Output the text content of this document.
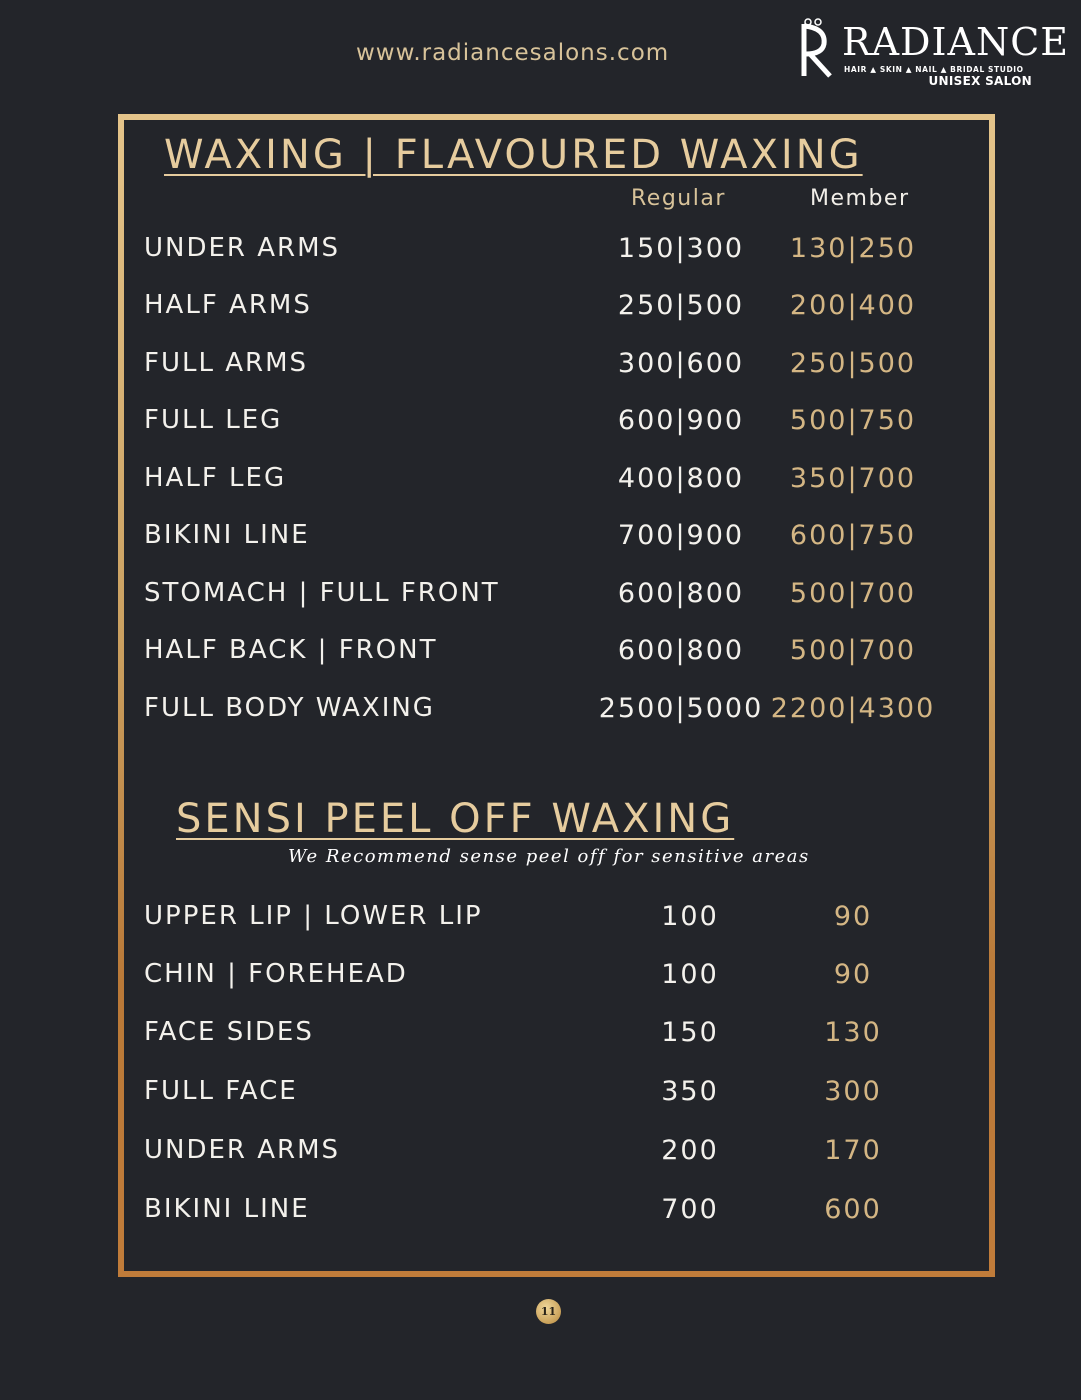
www.radiancesalons.com	RADIANCE
HAIR ▲ SKIN ▲ NAIL ▲ BRIDAL STUDIO
UNISEX SALON
WAXING | FLAVOURED WAXING
Regular	Member
UNDER ARMS	150|300	130|250
HALF ARMS	250|500	200|400
FULL ARMS	300|600	250|500
FULL LEG	600|900	500|750
HALF LEG	400|800	350|700
BIKINI LINE	700|900	600|750
STOMACH | FULL FRONT	600|800	500|700
HALF BACK | FRONT	600|800	500|700
FULL BODY WAXING	2500|5000 2200|4300
SENSI PEEL OFF WAXING
We Recommend sense peel off for sensitive areas
UPPER LIP | LOWER LIP	100	90
CHIN | FOREHEAD	100	90
FACE SIDES	150	130
FULL FACE	350	300
UNDER ARMS	200	170
BIKINI LINE	700	600
11
